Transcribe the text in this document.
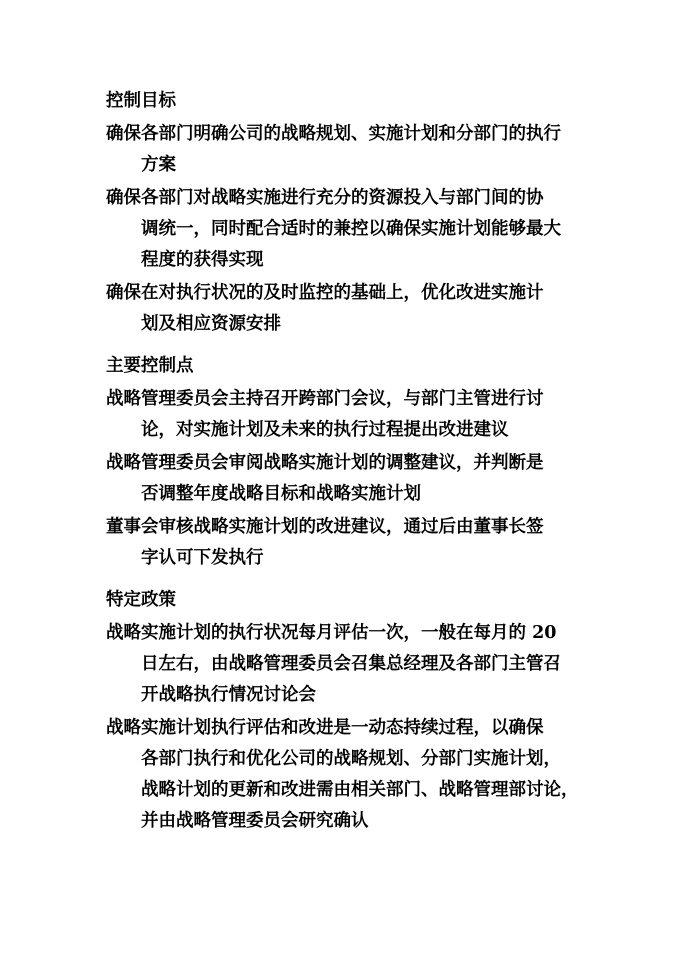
控制目标
确保各部门明确公司的战略规划、实施计划和分部门的执行
方案
确保各部门对战略实施进行充分的资源投入与部门间的协
调统一，同时配合适时的兼控以确保实施计划能够最大
程度的获得实现
确保在对执行状况的及时监控的基础上，优化改进实施计
划及相应资源安排
主要控制点
战略管理委员会主持召开跨部门会议，与部门主管进行讨
论，对实施计划及未来的执行过程提出改进建议
战略管理委员会审阅战略实施计划的调整建议，并判断是
否调整年度战略目标和战略实施计划
董事会审核战略实施计划的改进建议，通过后由董事长签
字认可下发执行
特定政策
战略实施计划的执行状况每月评估一次，一般在每月的 20
日左右，由战略管理委员会召集总经理及各部门主管召
开战略执行情况讨论会
战略实施计划执行评估和改进是一动态持续过程，以确保
各部门执行和优化公司的战略规划、分部门实施计划，
战略计划的更新和改进需由相关部门、战略管理部讨论，
并由战略管理委员会研究确认
